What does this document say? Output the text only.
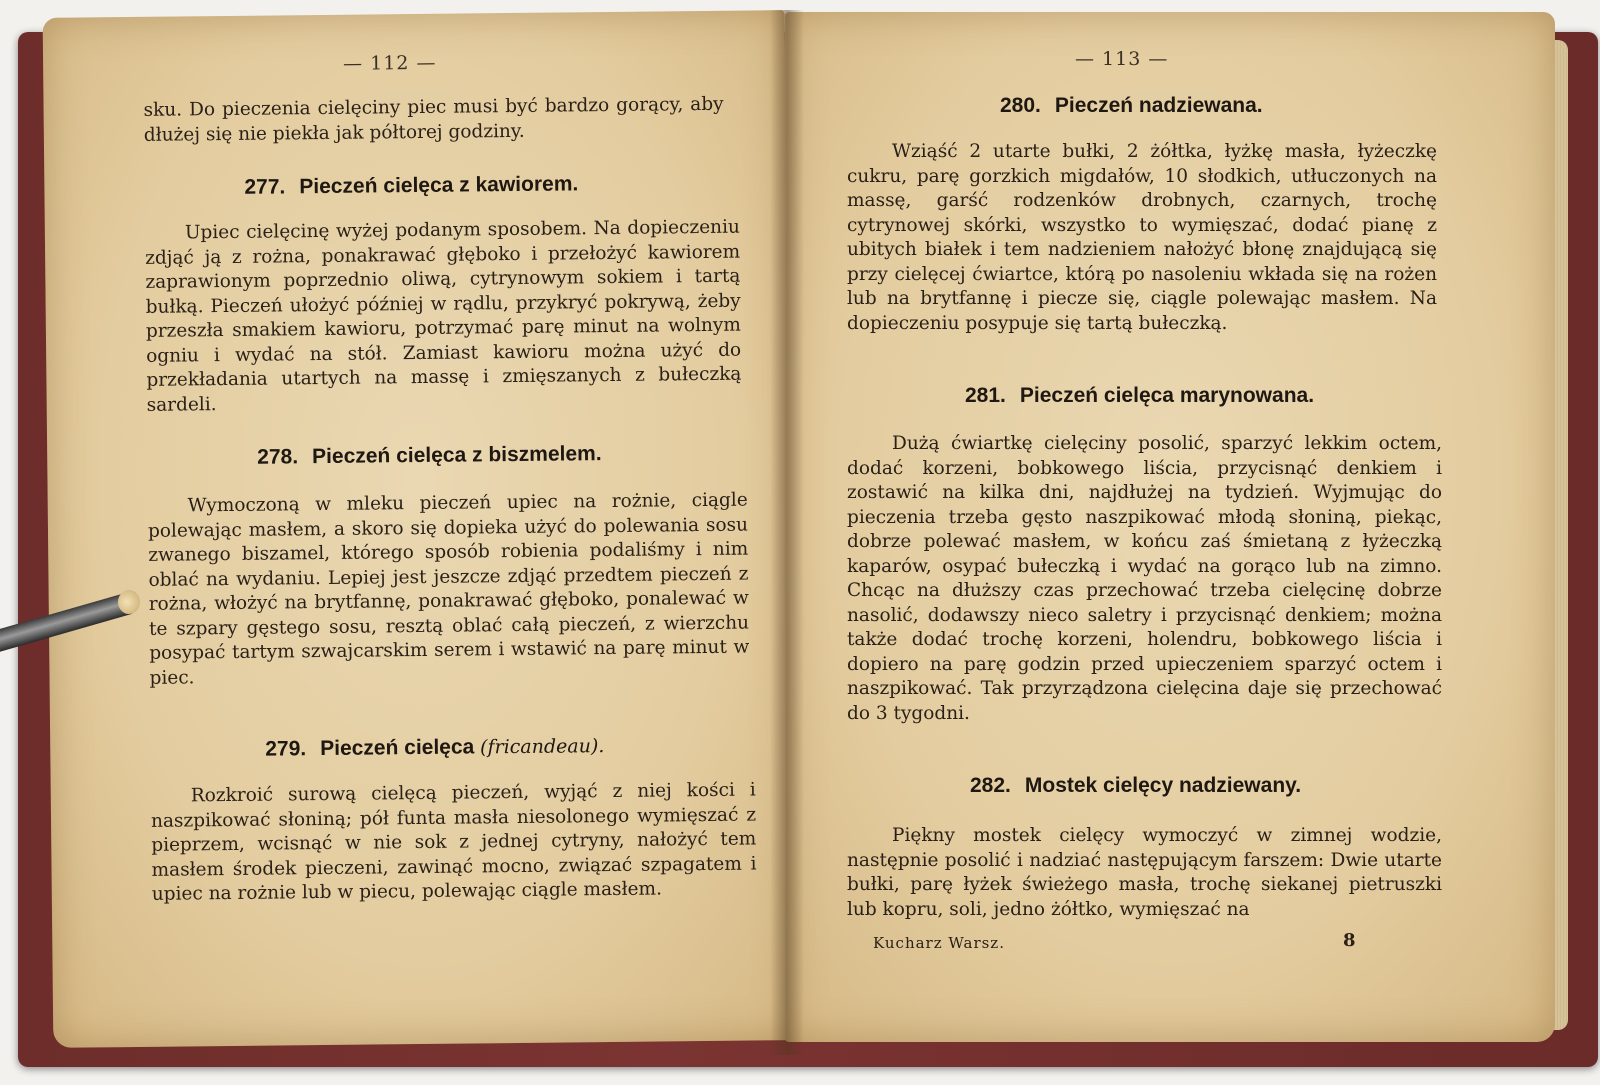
— 112 —

sku. Do pieczenia cielęciny piec musi być bardzo gorący, aby dłużej się nie piekła jak półtorej godziny.

277. Pieczeń cielęca z kawiorem.

Upiec cielęcinę wyżej podanym sposobem. Na dopieczeniu zdjąć ją z rożna, ponakrawać głęboko i przełożyć kawiorem zaprawionym poprzednio oliwą, cytrynowym sokiem i tartą bułką. Pieczeń ułożyć później w rądlu, przykryć pokrywą, żeby przeszła smakiem kawioru, potrzymać parę minut na wolnym ogniu i wydać na stół. Zamiast kawioru można użyć do przekładania utartych na massę i zmięszanych z bułeczką sardeli.

278. Pieczeń cielęca z biszmelem.

Wymoczoną w mleku pieczeń upiec na rożnie, ciągle polewając masłem, a skoro się dopieka użyć do polewania sosu zwanego biszamel, którego sposób robienia podaliśmy i nim oblać na wydaniu. Lepiej jest jeszcze zdjąć przedtem pieczeń z rożna, włożyć na brytfannę, ponakrawać głęboko, ponalewać w te szpary gęstego sosu, resztą oblać całą pieczeń, z wierzchu posypać tartym szwajcarskim serem i wstawić na parę minut w piec.

279. Pieczeń cielęca (fricandeau).

Rozkroić surową cielęcą pieczeń, wyjąć z niej kości i naszpikować słoniną; pół funta masła niesolonego wymięszać z pieprzem, wcisnąć w nie sok z jednej cytryny, nałożyć tem masłem środek pieczeni, zawinąć mocno, związać szpagatem i upiec na rożnie lub w piecu, polewając ciągle masłem.

— 113 —
280. Pieczeń nadziewana.

Wziąść 2 utarte bułki, 2 żółtka, łyżkę masła, łyżeczkę cukru, parę gorzkich migdałów, 10 słodkich, utłuczonych na massę, garść rodzenków drobnych, czarnych, trochę cytrynowej skórki, wszystko to wymięszać, dodać pianę z ubitych białek i tem nadzieniem nałożyć błonę znajdującą się przy cielęcej ćwiartce, którą po nasoleniu wkłada się na rożen lub na brytfannę i piecze się, ciągle polewając masłem. Na dopieczeniu posypuje się tartą bułeczką.

281. Pieczeń cielęca marynowana.

Dużą ćwiartkę cielęciny posolić, sparzyć lekkim octem, dodać korzeni, bobkowego liścia, przycisnąć denkiem i zostawić na kilka dni, najdłużej na tydzień. Wyjmując do pieczenia trzeba gęsto naszpikować młodą słoniną, piekąc, dobrze polewać masłem, w końcu zaś śmietaną z łyżeczką kaparów, osypać bułeczką i wydać na gorąco lub na zimno. Chcąc na dłuższy czas przechować trzeba cielęcinę dobrze nasolić, dodawszy nieco saletry i przycisnąć denkiem; można także dodać trochę korzeni, holendru, bobkowego liścia i dopiero na parę godzin przed upieczeniem sparzyć octem i naszpikować. Tak przyrządzona cielęcina daje się przechować do 3 tygodni.

282. Mostek cielęcy nadziewany.

Piękny mostek cielęcy wymoczyć w zimnej wodzie, następnie posolić i nadziać następującym farszem: Dwie utarte bułki, parę łyżek świeżego masła, trochę siekanej pietruszki lub kopru, soli, jedno żółtko, wymięszać na

Kucharz Warsz.	8
